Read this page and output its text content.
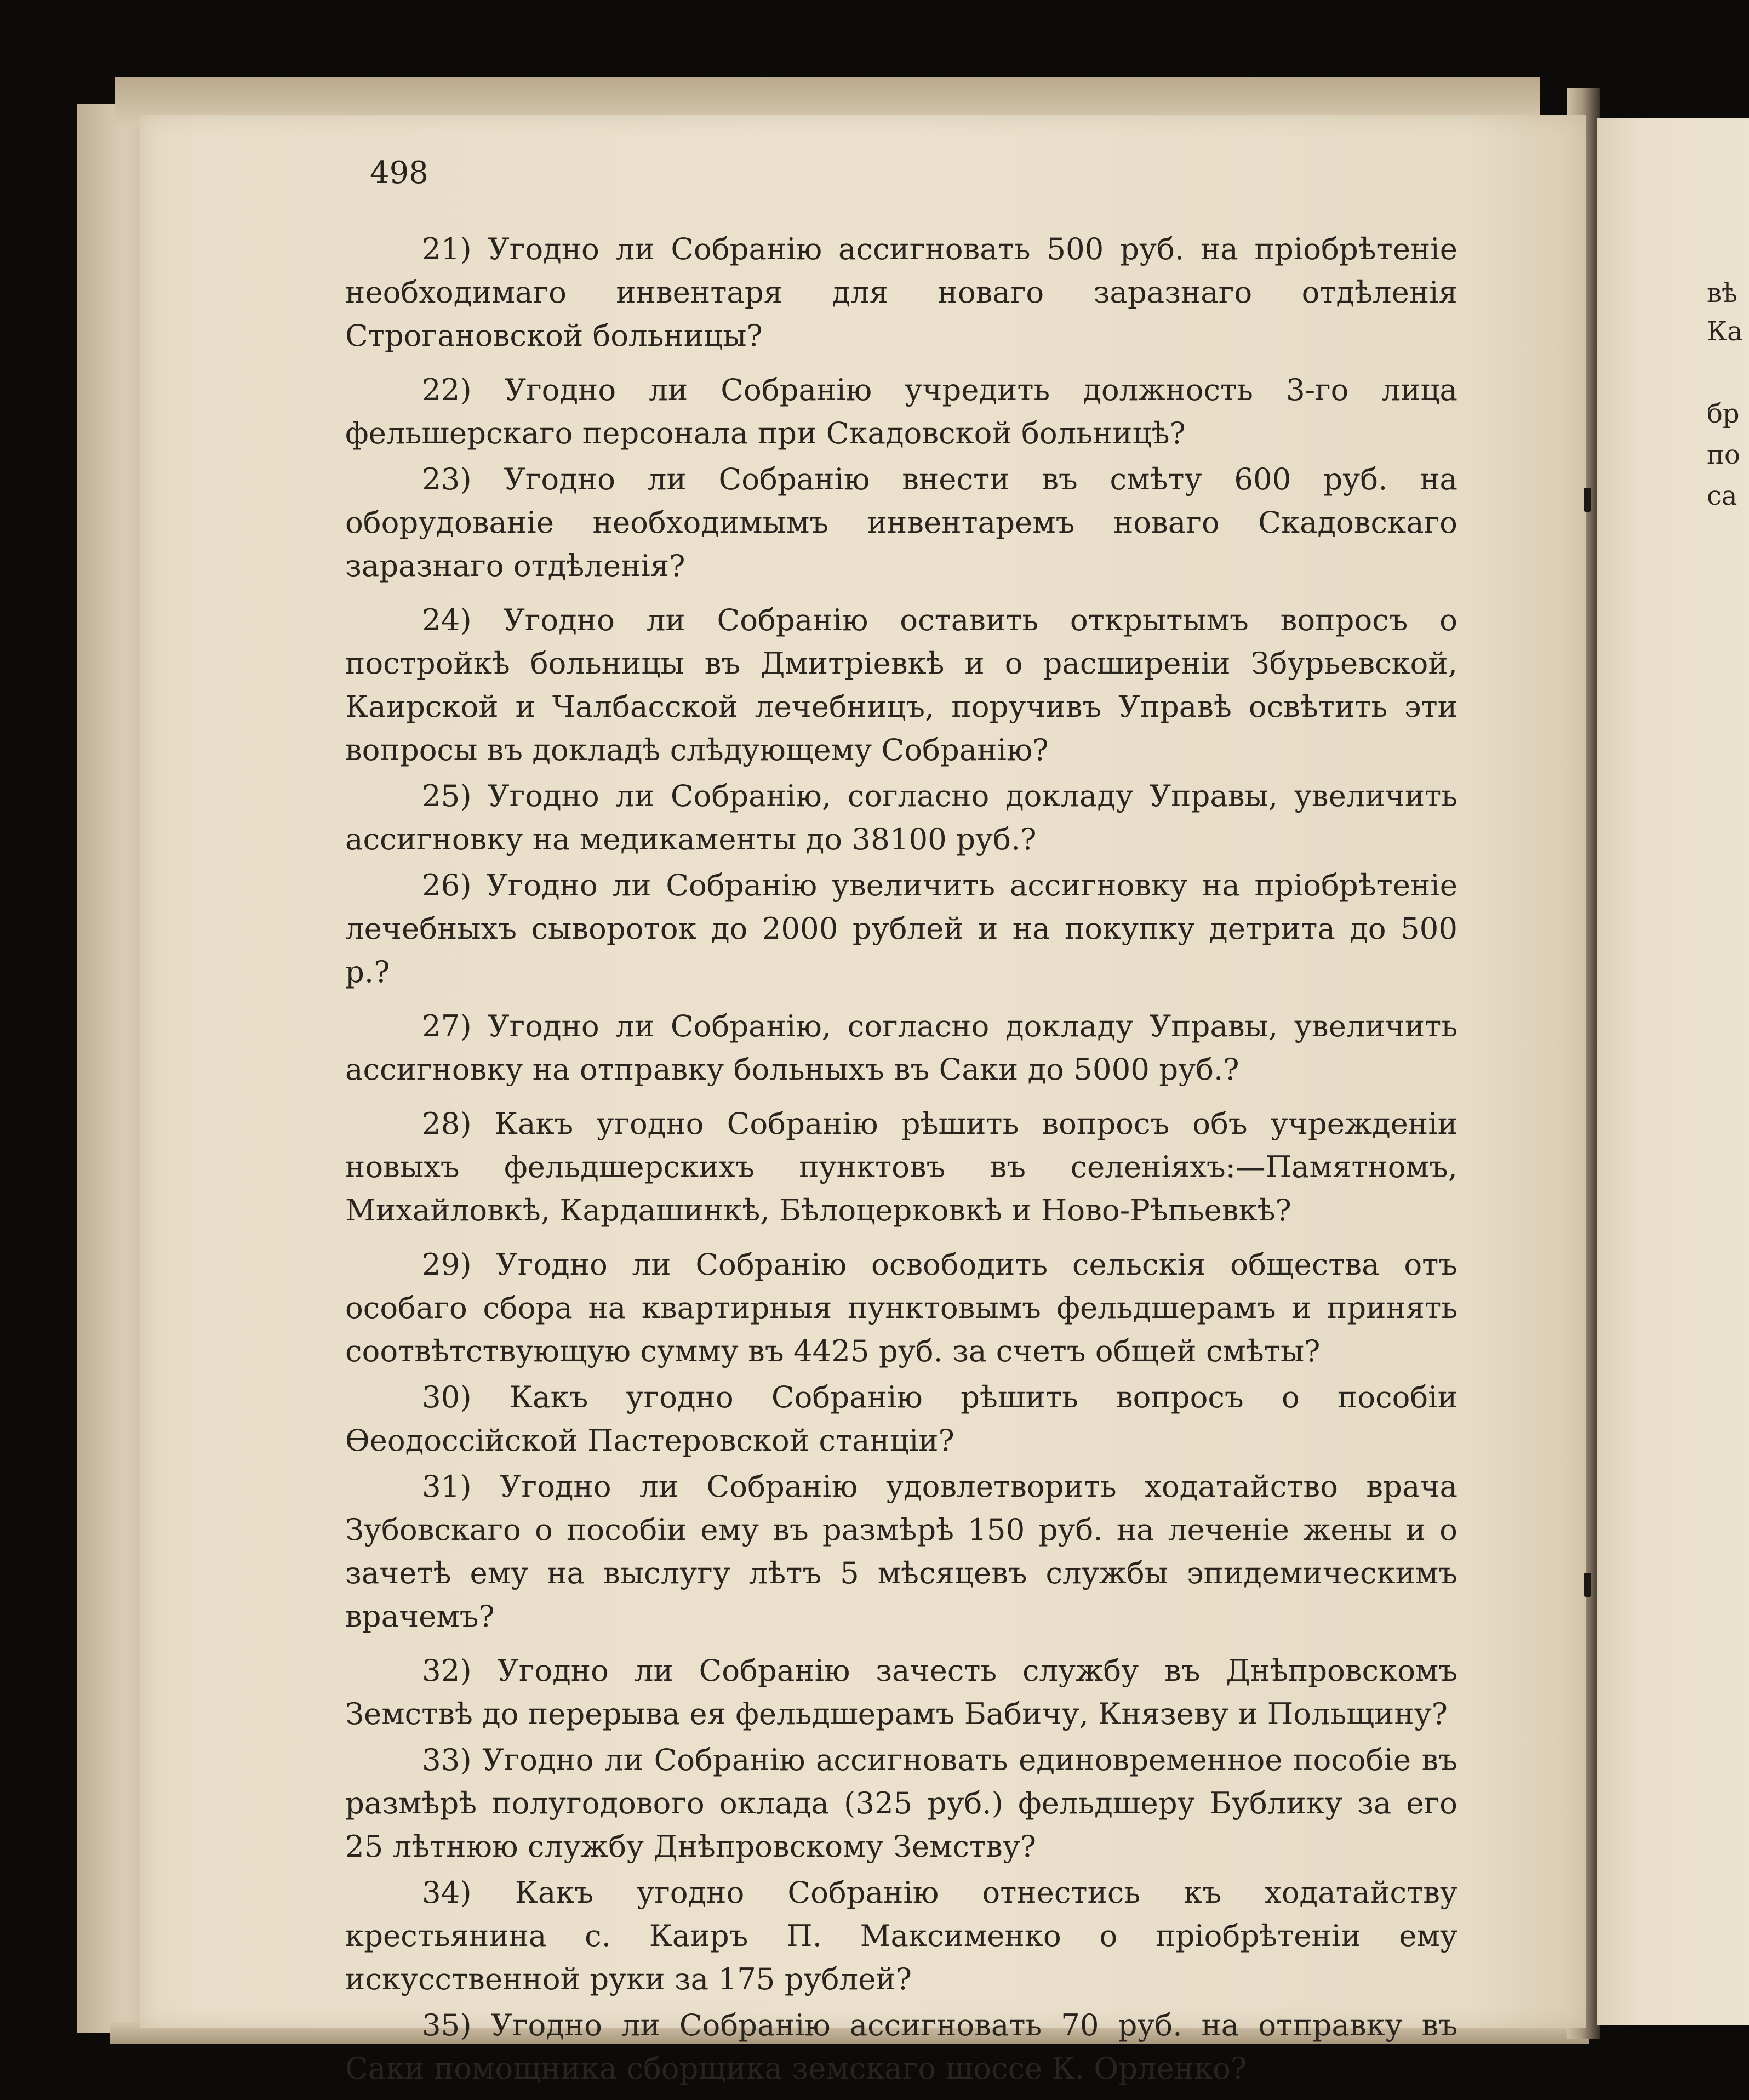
вѣ
Ка
бр
по
са
498

21) Угодно ли Собранію ассигновать 500 руб. на пріобрѣтеніе необходимаго инвентаря для новаго заразнаго отдѣленія Строгановской больницы?

22) Угодно ли Собранію учредить должность 3-го лица фельшерскаго персонала при Скадовской больницѣ?

23) Угодно ли Собранію внести въ смѣту 600 руб. на оборудованіе необходимымъ инвентаремъ новаго Скадовскаго заразнаго отдѣленія?

24) Угодно ли Собранію оставить открытымъ вопросъ о постройкѣ больницы въ Дмитріевкѣ и о расширеніи Збурьевской, Каирской и Чалбасской лечебницъ, поручивъ Управѣ освѣтить эти вопросы въ докладѣ слѣдующему Собранію?

25) Угодно ли Собранію, согласно докладу Управы, увеличить ассигновку на медикаменты до 38100 руб.?

26) Угодно ли Собранію увеличить ассигновку на пріобрѣтеніе лечебныхъ сывороток до 2000 рублей и на покупку детрита до 500 р.?

27) Угодно ли Собранію, согласно докладу Управы, увеличить ассигновку на отправку больныхъ въ Саки до 5000 руб.?

28) Какъ угодно Собранію рѣшить вопросъ объ учрежденіи новыхъ фельдшерскихъ пунктовъ въ селеніяхъ:—Памятномъ, Михайловкѣ, Кардашинкѣ, Бѣлоцерковкѣ и Ново-Рѣпьевкѣ?

29) Угодно ли Собранію освободить сельскія общества отъ особаго сбора на квартирныя пунктовымъ фельдшерамъ и принять соотвѣтствующую сумму въ 4425 руб. за счетъ общей смѣты?

30) Какъ угодно Собранію рѣшить вопросъ о пособіи Ѳеодоссійской Пастеровской станціи?

31) Угодно ли Собранію удовлетворить ходатайство врача Зубовскаго о пособіи ему въ размѣрѣ 150 руб. на леченіе жены и о зачетѣ ему на выслугу лѣтъ 5 мѣсяцевъ службы эпидемическимъ врачемъ?

32) Угодно ли Собранію зачесть службу въ Днѣпровскомъ Земствѣ до перерыва ея фельдшерамъ Бабичу, Князеву и Польщину?

33) Угодно ли Собранію ассигновать единовременное пособіе въ размѣрѣ полугодового оклада (325 руб.) фельдшеру Бублику за его 25 лѣтнюю службу Днѣпровскому Земству?

34) Какъ угодно Собранію отнестись къ ходатайству крестьянина с. Каиръ П. Максименко о пріобрѣтеніи ему искусственной руки за 175 рублей?

35) Угодно ли Собранію ассигновать 70 руб. на отправку въ Саки помощника сборщика земскаго шоссе К. Орленко?
